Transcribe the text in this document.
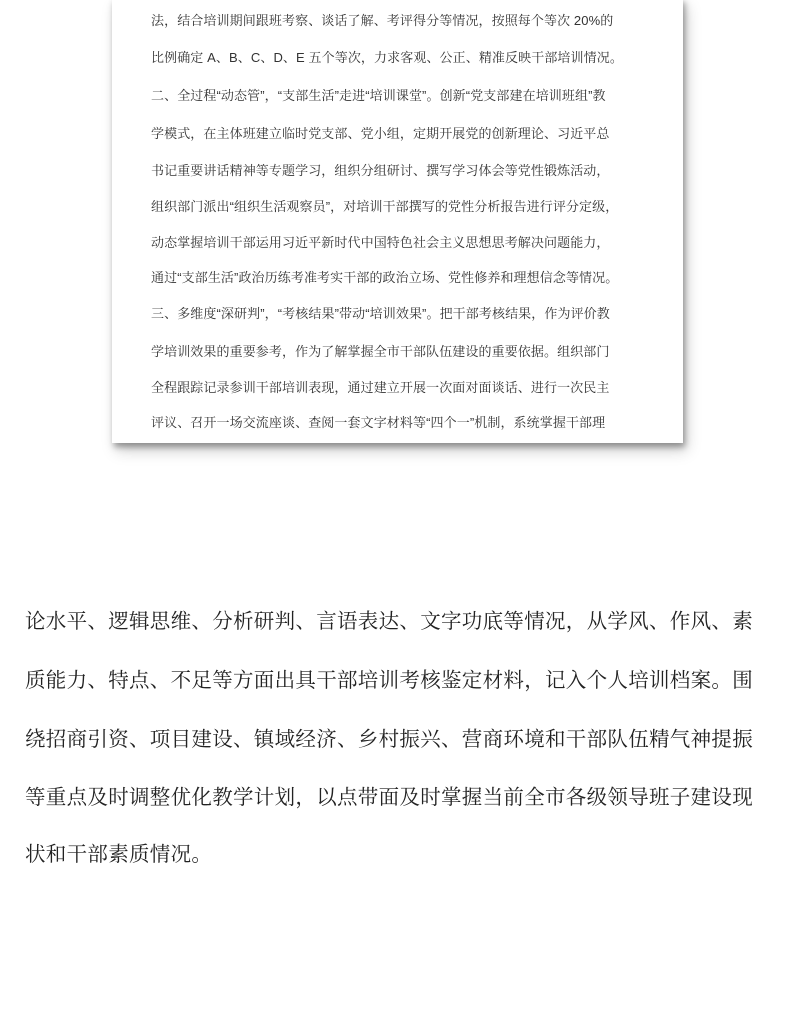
法，结合培训期间跟班考察、谈话了解、考评得分等情况，按照每个等次 20%的
比例确定 A、B、C、D、E 五个等次，力求客观、公正、精准反映干部培训情况。
二、全过程“动态管”，“支部生活”走进“培训课堂”。创新“党支部建在培训班组”教
学模式，在主体班建立临时党支部、党小组，定期开展党的创新理论、习近平总
书记重要讲话精神等专题学习，组织分组研讨、撰写学习体会等党性锻炼活动，
组织部门派出“组织生活观察员”，对培训干部撰写的党性分析报告进行评分定级，
动态掌握培训干部运用习近平新时代中国特色社会主义思想思考解决问题能力，
通过“支部生活”政治历练考准考实干部的政治立场、党性修养和理想信念等情况。
三、多维度“深研判”，“考核结果”带动“培训效果”。把干部考核结果，作为评价教
学培训效果的重要参考，作为了解掌握全市干部队伍建设的重要依据。组织部门
全程跟踪记录参训干部培训表现，通过建立开展一次面对面谈话、进行一次民主
评议、召开一场交流座谈、查阅一套文字材料等“四个一”机制，系统掌握干部理
论水平、逻辑思维、分析研判、言语表达、文字功底等情况，从学风、作风、素
质能力、特点、不足等方面出具干部培训考核鉴定材料，记入个人培训档案。围
绕招商引资、项目建设、镇域经济、乡村振兴、营商环境和干部队伍精气神提振
等重点及时调整优化教学计划，以点带面及时掌握当前全市各级领导班子建设现
状和干部素质情况。
